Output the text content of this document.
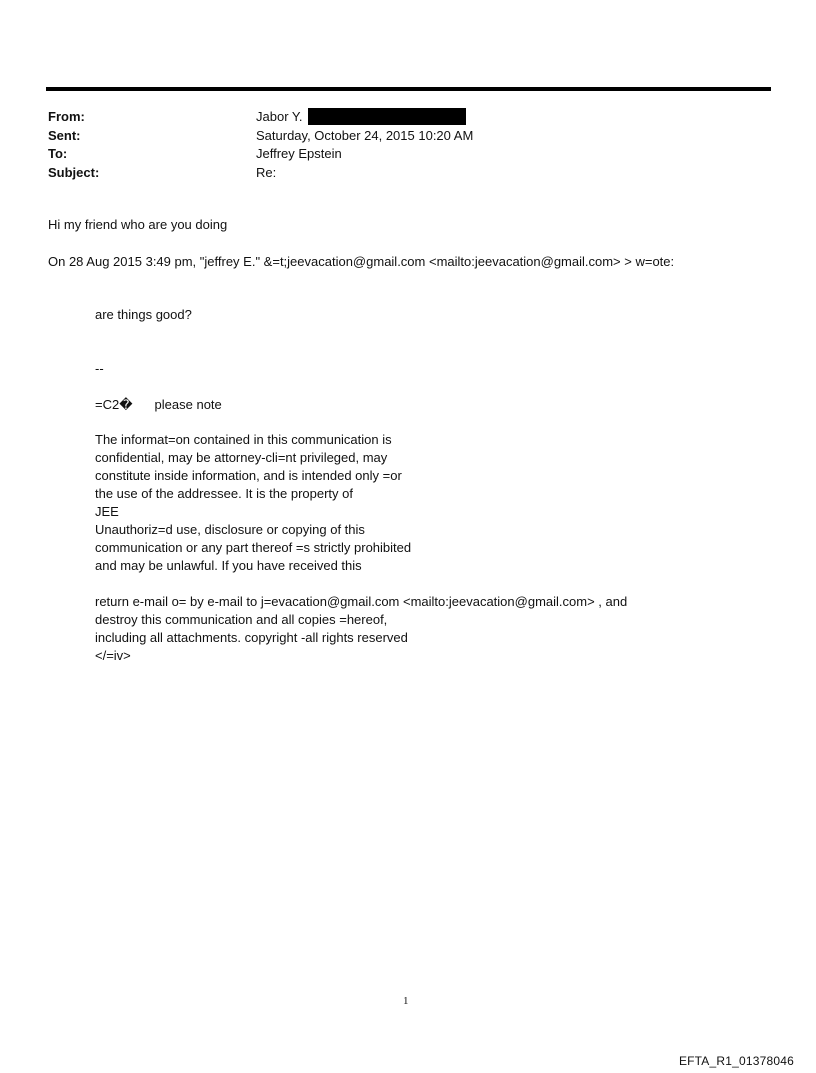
From:	Jabor Y.
Sent:	Saturday, October 24, 2015 10:20 AM
To:	Jeffrey Epstein
Subject:	Re:
Hi my friend who are you doing
On 28 Aug 2015 3:49 pm, "jeffrey E." &=t;jeevacation@gmail.com <mailto:jeevacation@gmail.com> > w=ote:
are things good?
--
=C2� please note
The informat=on contained in this communication is
confidential, may be attorney-cli=nt privileged, may
constitute inside information, and is intended only =or
the use of the addressee. It is the property of
JEE
Unauthoriz=d use, disclosure or copying of this
communication or any part thereof =s strictly prohibited
and may be unlawful. If you have received this
return e-mail o= by e-mail to j=evacation@gmail.com <mailto:jeevacation@gmail.com> , and
destroy this communication and all copies =hereof,
including all attachments. copyright -all rights reserved
</=iv>
1
EFTA_R1_01378046
